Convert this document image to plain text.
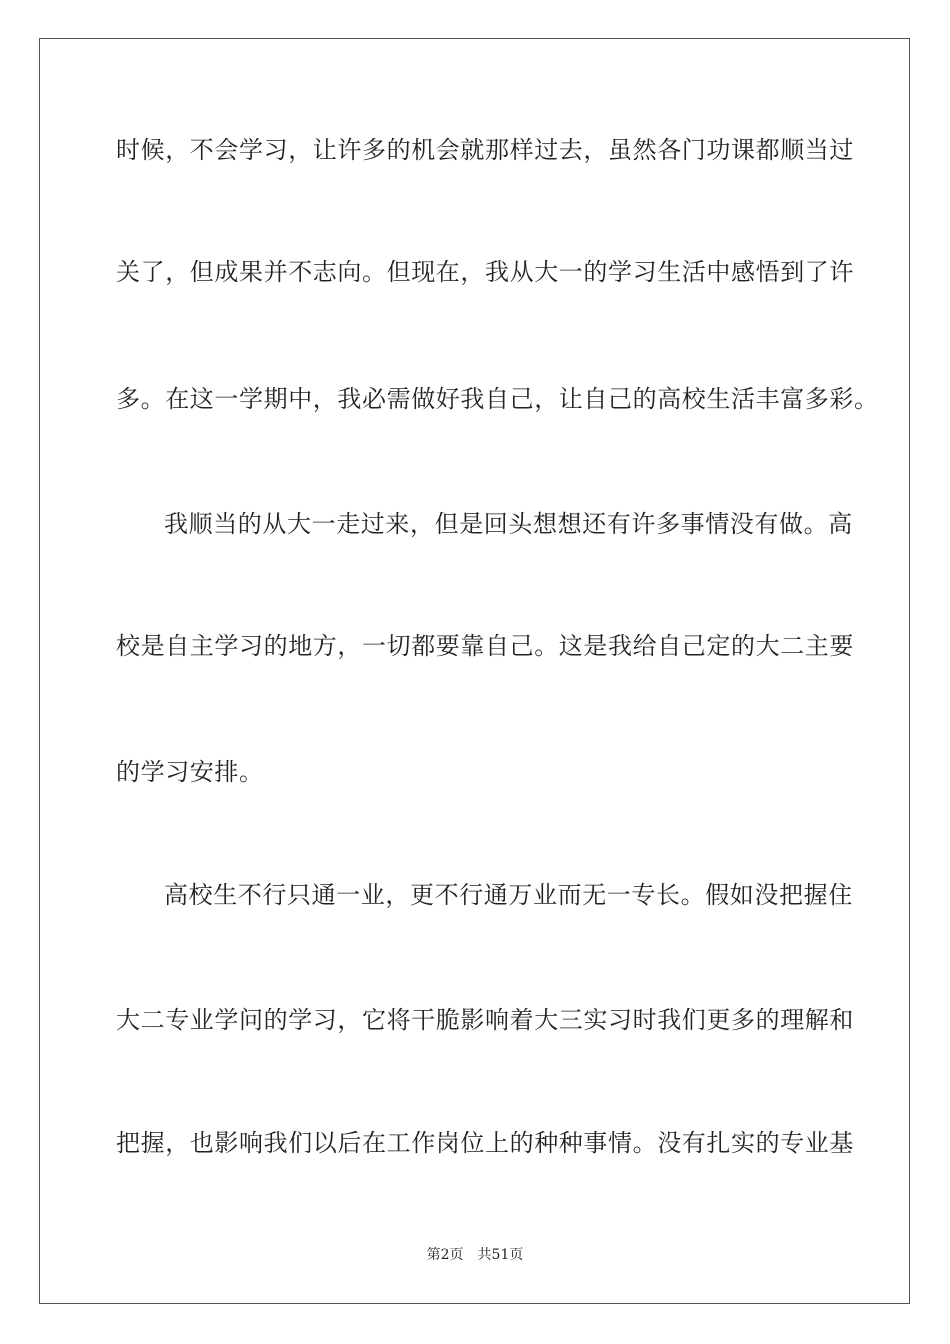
时候，不会学习，让许多的机会就那样过去，虽然各门功课都顺当过
关了，但成果并不志向。但现在，我从大一的学习生活中感悟到了许
多。在这一学期中，我必需做好我自己，让自己的高校生活丰富多彩。
我顺当的从大一走过来，但是回头想想还有许多事情没有做。高
校是自主学习的地方，一切都要靠自己。这是我给自己定的大二主要
的学习安排。
高校生不行只通一业，更不行通万业而无一专长。假如没把握住
大二专业学问的学习，它将干脆影响着大三实习时我们更多的理解和
把握，也影响我们以后在工作岗位上的种种事情。没有扎实的专业基
第2页 共51页
